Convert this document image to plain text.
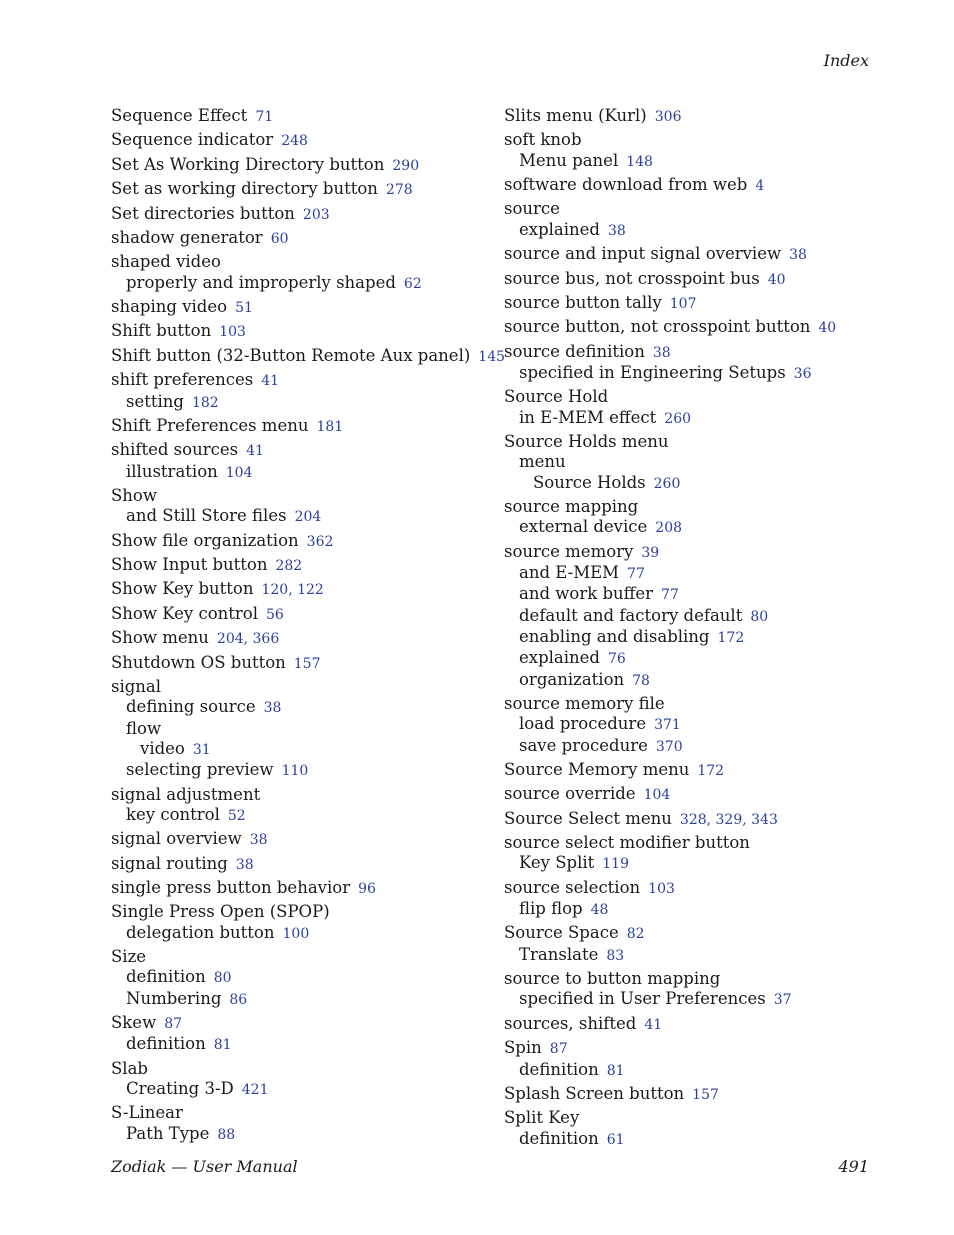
Index
Sequence Effect 71
Sequence indicator 248
Set As Working Directory button 290
Set as working directory button 278
Set directories button 203
shadow generator 60
shaped video
properly and improperly shaped 62
shaping video 51
Shift button 103
Shift button (32-Button Remote Aux panel) 145
shift preferences 41
setting 182
Shift Preferences menu 181
shifted sources 41
illustration 104
Show
and Still Store files 204
Show file organization 362
Show Input button 282
Show Key button 120, 122
Show Key control 56
Show menu 204, 366
Shutdown OS button 157
signal
defining source 38
flow
video 31
selecting preview 110
signal adjustment
key control 52
signal overview 38
signal routing 38
single press button behavior 96
Single Press Open (SPOP)
delegation button 100
Size
definition 80
Numbering 86
Skew 87
definition 81
Slab
Creating 3-D 421
S-Linear
Path Type 88
Slits menu (Kurl) 306
soft knob
Menu panel 148
software download from web 4
source
explained 38
source and input signal overview 38
source bus, not crosspoint bus 40
source button tally 107
source button, not crosspoint button 40
source definition 38
specified in Engineering Setups 36
Source Hold
in E-MEM effect 260
Source Holds menu
menu
Source Holds 260
source mapping
external device 208
source memory 39
and E-MEM 77
and work buffer 77
default and factory default 80
enabling and disabling 172
explained 76
organization 78
source memory file
load procedure 371
save procedure 370
Source Memory menu 172
source override 104
Source Select menu 328, 329, 343
source select modifier button
Key Split 119
source selection 103
flip flop 48
Source Space 82
Translate 83
source to button mapping
specified in User Preferences 37
sources, shifted 41
Spin 87
definition 81
Splash Screen button 157
Split Key
definition 61
Zodiak — User Manual	491
